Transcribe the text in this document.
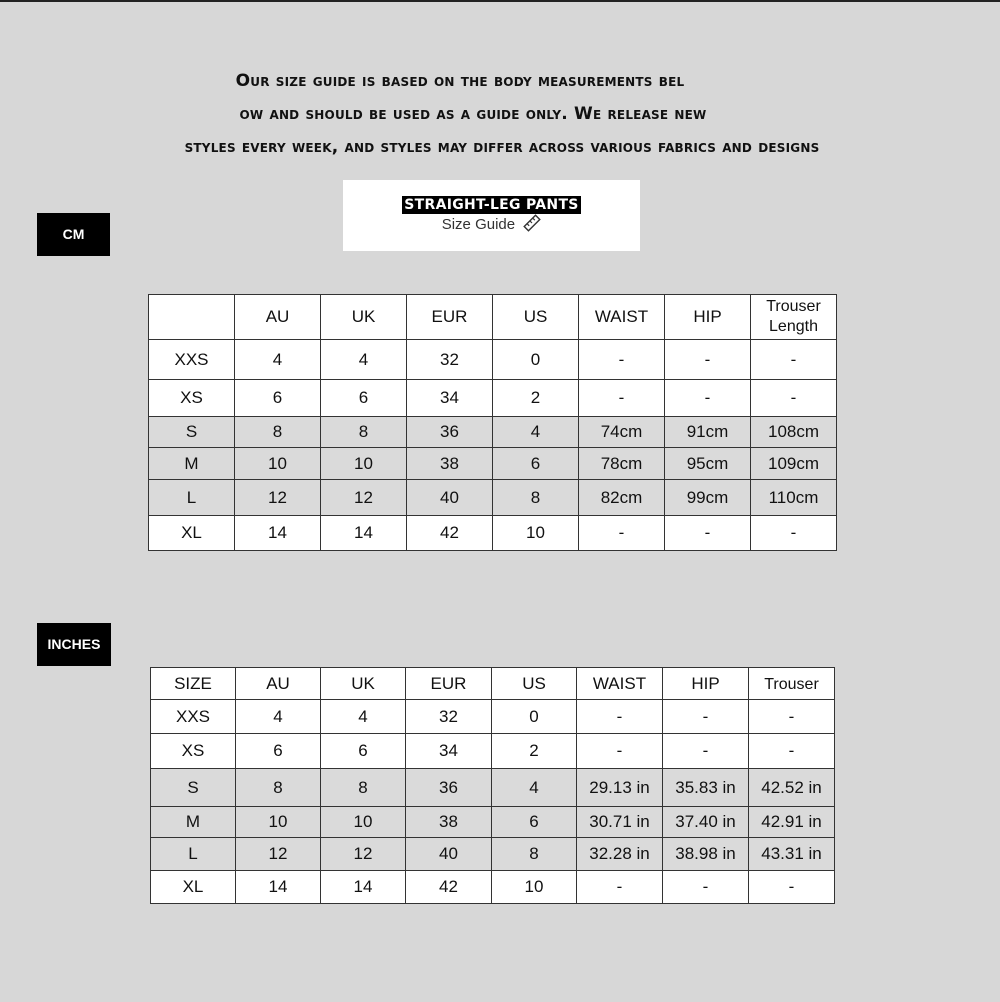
Our size guide is based on the body measurements bel
ow and should be used as a guide only. We release new
styles every week, and styles may differ across various fabrics and designs
STRAIGHT-LEG PANTS
Size Guide
CM
	AU	UK	EUR	US	WAIST	HIP	Trouser Length
XXS	4	4	32	0	-	-	-
XS	6	6	34	2	-	-	-
S	8	8	36	4	74cm	91cm	108cm
M	10	10	38	6	78cm	95cm	109cm
L	12	12	40	8	82cm	99cm	110cm
XL	14	14	42	10	-	-	-
INCHES
SIZE	AU	UK	EUR	US	WAIST	HIP	Trouser

XXS	4	4	32	0	-	-	-
XS	6	6	34	2	-	-	-
S	8	8	36	4	29.13 in	35.83 in	42.52 in
M	10	10	38	6	30.71 in	37.40 in	42.91 in
L	12	12	40	8	32.28 in	38.98 in	43.31 in
XL	14	14	42	10	-	-	-
